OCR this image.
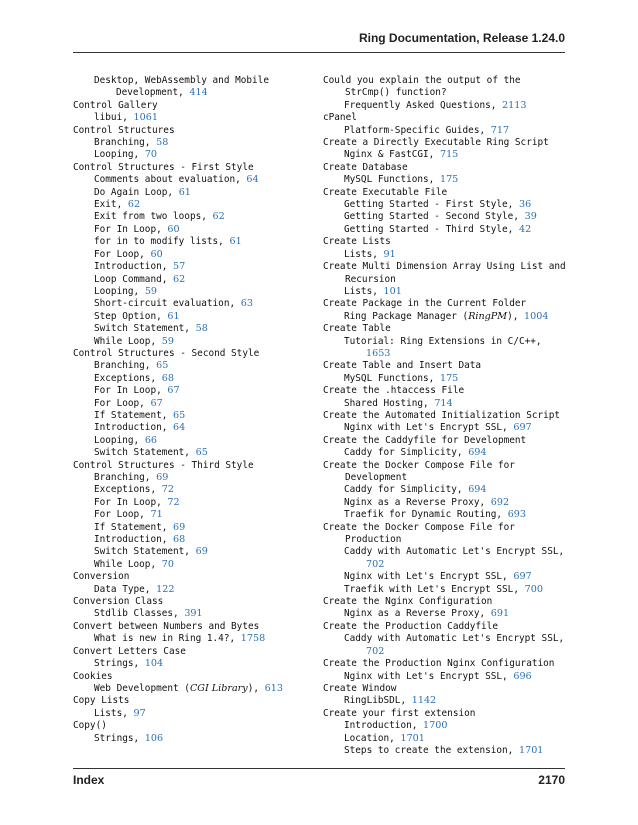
Ring Documentation, Release 1.24.0
Desktop, WebAssembly and Mobile Development, 414
Control Gallery
libui, 1061
Control Structures
Branching, 58
Looping, 70
Control Structures - First Style
Comments about evaluation, 64
Do Again Loop, 61
Exit, 62
Exit from two loops, 62
For In Loop, 60
for in to modify lists, 61
For Loop, 60
Introduction, 57
Loop Command, 62
Looping, 59
Short-circuit evaluation, 63
Step Option, 61
Switch Statement, 58
While Loop, 59
Control Structures - Second Style
Branching, 65
Exceptions, 68
For In Loop, 67
For Loop, 67
If Statement, 65
Introduction, 64
Looping, 66
Switch Statement, 65
Control Structures - Third Style
Branching, 69
Exceptions, 72
For In Loop, 72
For Loop, 71
If Statement, 69
Introduction, 68
Switch Statement, 69
While Loop, 70
Conversion
Data Type, 122
Conversion Class
Stdlib Classes, 391
Convert between Numbers and Bytes
What is new in Ring 1.4?, 1758
Convert Letters Case
Strings, 104
Cookies
Web Development (CGI Library), 613
Copy Lists
Lists, 97
Copy()
Strings, 106
Could you explain the output of the StrCmp() function?
Frequently Asked Questions, 2113
cPanel
Platform-Specific Guides, 717
Create a Directly Executable Ring Script
Nginx & FastCGI, 715
Create Database
MySQL Functions, 175
Create Executable File
Getting Started - First Style, 36
Getting Started - Second Style, 39
Getting Started - Third Style, 42
Create Lists
Lists, 91
Create Multi Dimension Array Using List and Recursion
Lists, 101
Create Package in the Current Folder
Ring Package Manager (RingPM), 1004
Create Table
Tutorial: Ring Extensions in C/C++, 1653
Create Table and Insert Data
MySQL Functions, 175
Create the .htaccess File
Shared Hosting, 714
Create the Automated Initialization Script
Nginx with Let's Encrypt SSL, 697
Create the Caddyfile for Development
Caddy for Simplicity, 694
Create the Docker Compose File for Development
Caddy for Simplicity, 694
Nginx as a Reverse Proxy, 692
Traefik for Dynamic Routing, 693
Create the Docker Compose File for Production
Caddy with Automatic Let's Encrypt SSL, 702
Nginx with Let's Encrypt SSL, 697
Traefik with Let's Encrypt SSL, 700
Create the Nginx Configuration
Nginx as a Reverse Proxy, 691
Create the Production Caddyfile
Caddy with Automatic Let's Encrypt SSL, 702
Create the Production Nginx Configuration
Nginx with Let's Encrypt SSL, 696
Create Window
RingLibSDL, 1142
Create your first extension
Introduction, 1700
Location, 1701
Steps to create the extension, 1701
Index	2170
